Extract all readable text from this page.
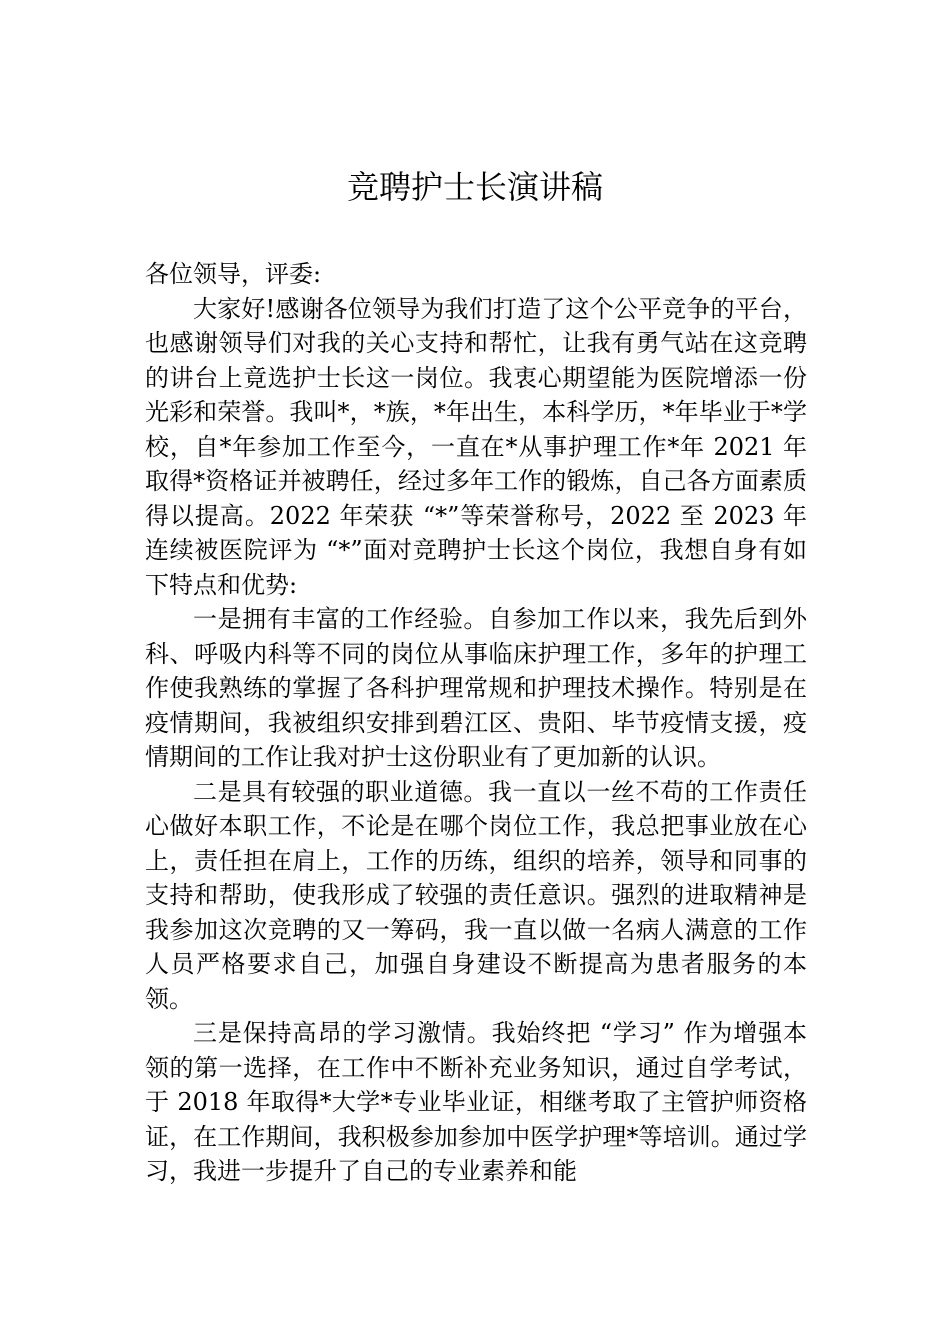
竞聘护士长演讲稿

各位领导，评委:

大家好!感谢各位领导为我们打造了这个公平竞争的平台，也感谢领导们对我的关心支持和帮忙，让我有勇气站在这竞聘的讲台上竟选护士长这一岗位。我衷心期望能为医院增添一份光彩和荣誉。我叫*，*族，*年出生，本科学历，*年毕业于*学校，自*年参加工作至今，一直在*从事护理工作*年 2021 年取得*资格证并被聘任，经过多年工作的锻炼，自己各方面素质得以提高。2022 年荣获 “*”等荣誉称号，2022 至 2023 年连续被医院评为 “*”面对竞聘护士长这个岗位，我想自身有如下特点和优势:

一是拥有丰富的工作经验。自参加工作以来，我先后到外科、呼吸内科等不同的岗位从事临床护理工作，多年的护理工作使我熟练的掌握了各科护理常规和护理技术操作。特别是在疫情期间，我被组织安排到碧江区、贵阳、毕节疫情支援，疫情期间的工作让我对护士这份职业有了更加新的认识。

二是具有较强的职业道德。我一直以一丝不苟的工作责任心做好本职工作，不论是在哪个岗位工作，我总把事业放在心上，责任担在肩上，工作的历练，组织的培养，领导和同事的支持和帮助，使我形成了较强的责任意识。强烈的进取精神是我参加这次竞聘的又一筹码，我一直以做一名病人满意的工作人员严格要求自己，加强自身建设不断提高为患者服务的本领。

三是保持高昂的学习激情。我始终把 “学习” 作为增强本领的第一选择，在工作中不断补充业务知识，通过自学考试，于 2018 年取得*大学*专业毕业证，相继考取了主管护师资格证，在工作期间，我积极参加参加中医学护理*等培训。通过学习，我进一步提升了自己的专业素养和能
